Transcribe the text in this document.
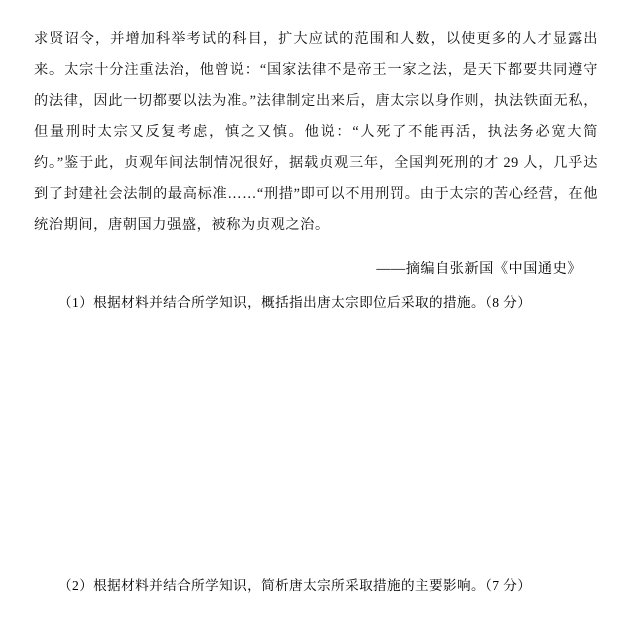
求贤诏令，并增加科举考试的科目，扩大应试的范围和人数，以使更多的人才显露出来。太宗十分注重法治，他曾说：“国家法律不是帝王一家之法，是天下都要共同遵守的法律，因此一切都要以法为准。”法律制定出来后，唐太宗以身作则，执法铁面无私，但量刑时太宗又反复考虑，慎之又慎。他说：“人死了不能再活，执法务必宽大简约。”鉴于此，贞观年间法制情况很好，据载贞观三年，全国判死刑的才 29 人，几乎达到了封建社会法制的最高标准……“刑措”即可以不用刑罚。由于太宗的苦心经营，在他统治期间，唐朝国力强盛，被称为贞观之治。

——摘编自张新国《中国通史》
（1）根据材料并结合所学知识，概括指出唐太宗即位后采取的措施。（8 分）
（2）根据材料并结合所学知识，简析唐太宗所采取措施的主要影响。（7 分）
